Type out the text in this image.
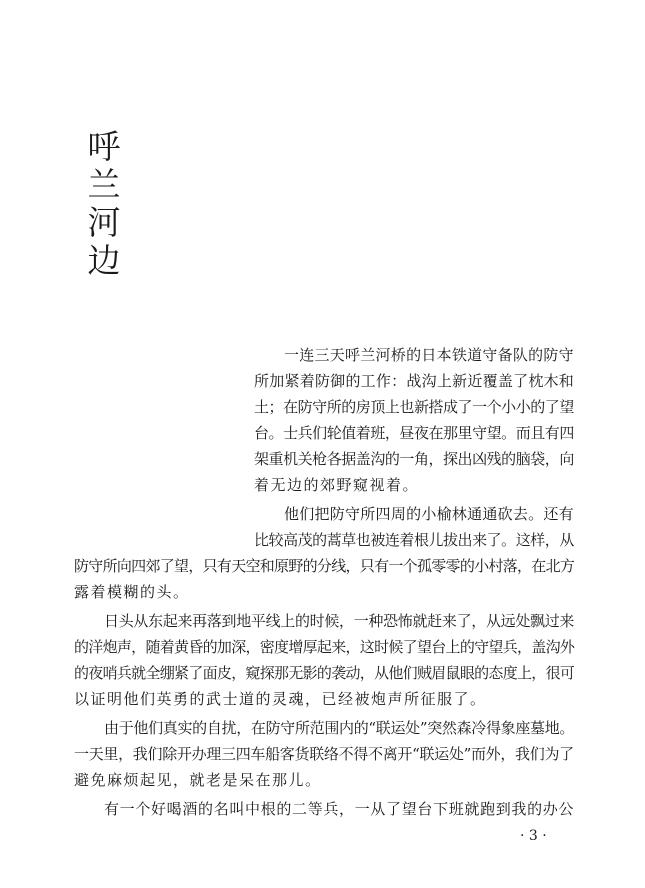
呼
兰
河
边
一连三天呼兰河桥的日本铁道守备队的防守
所加紧着防御的工作：战沟上新近覆盖了枕木和
土；在防守所的房顶上也新搭成了一个小小的了望
台。士兵们轮值着班，昼夜在那里守望。而且有四
架重机关枪各据盖沟的一角，探出凶残的脑袋，向
着无边的郊野窥视着。
他们把防守所四周的小榆林通通砍去。还有
比较高茂的蒿草也被连着根儿拔出来了。这样，从
防守所向四郊了望，只有天空和原野的分线，只有一个孤零零的小村落，在北方
露着模糊的头。
日头从东起来再落到地平线上的时候，一种恐怖就赶来了，从远处飘过来
的洋炮声，随着黄昏的加深，密度增厚起来，这时候了望台上的守望兵，盖沟外
的夜哨兵就全绷紧了面皮，窥探那无影的袭动，从他们贼眉鼠眼的态度上，很可
以证明他们英勇的武士道的灵魂，已经被炮声所征服了。
由于他们真实的自扰，在防守所范围内的“联运处”突然森冷得象座墓地。
一天里，我们除开办理三四车船客货联络不得不离开“联运处”而外，我们为了
避免麻烦起见，就老是呆在那儿。
有一个好喝酒的名叫中根的二等兵，一从了望台下班就跑到我的办公
· 3 ·
